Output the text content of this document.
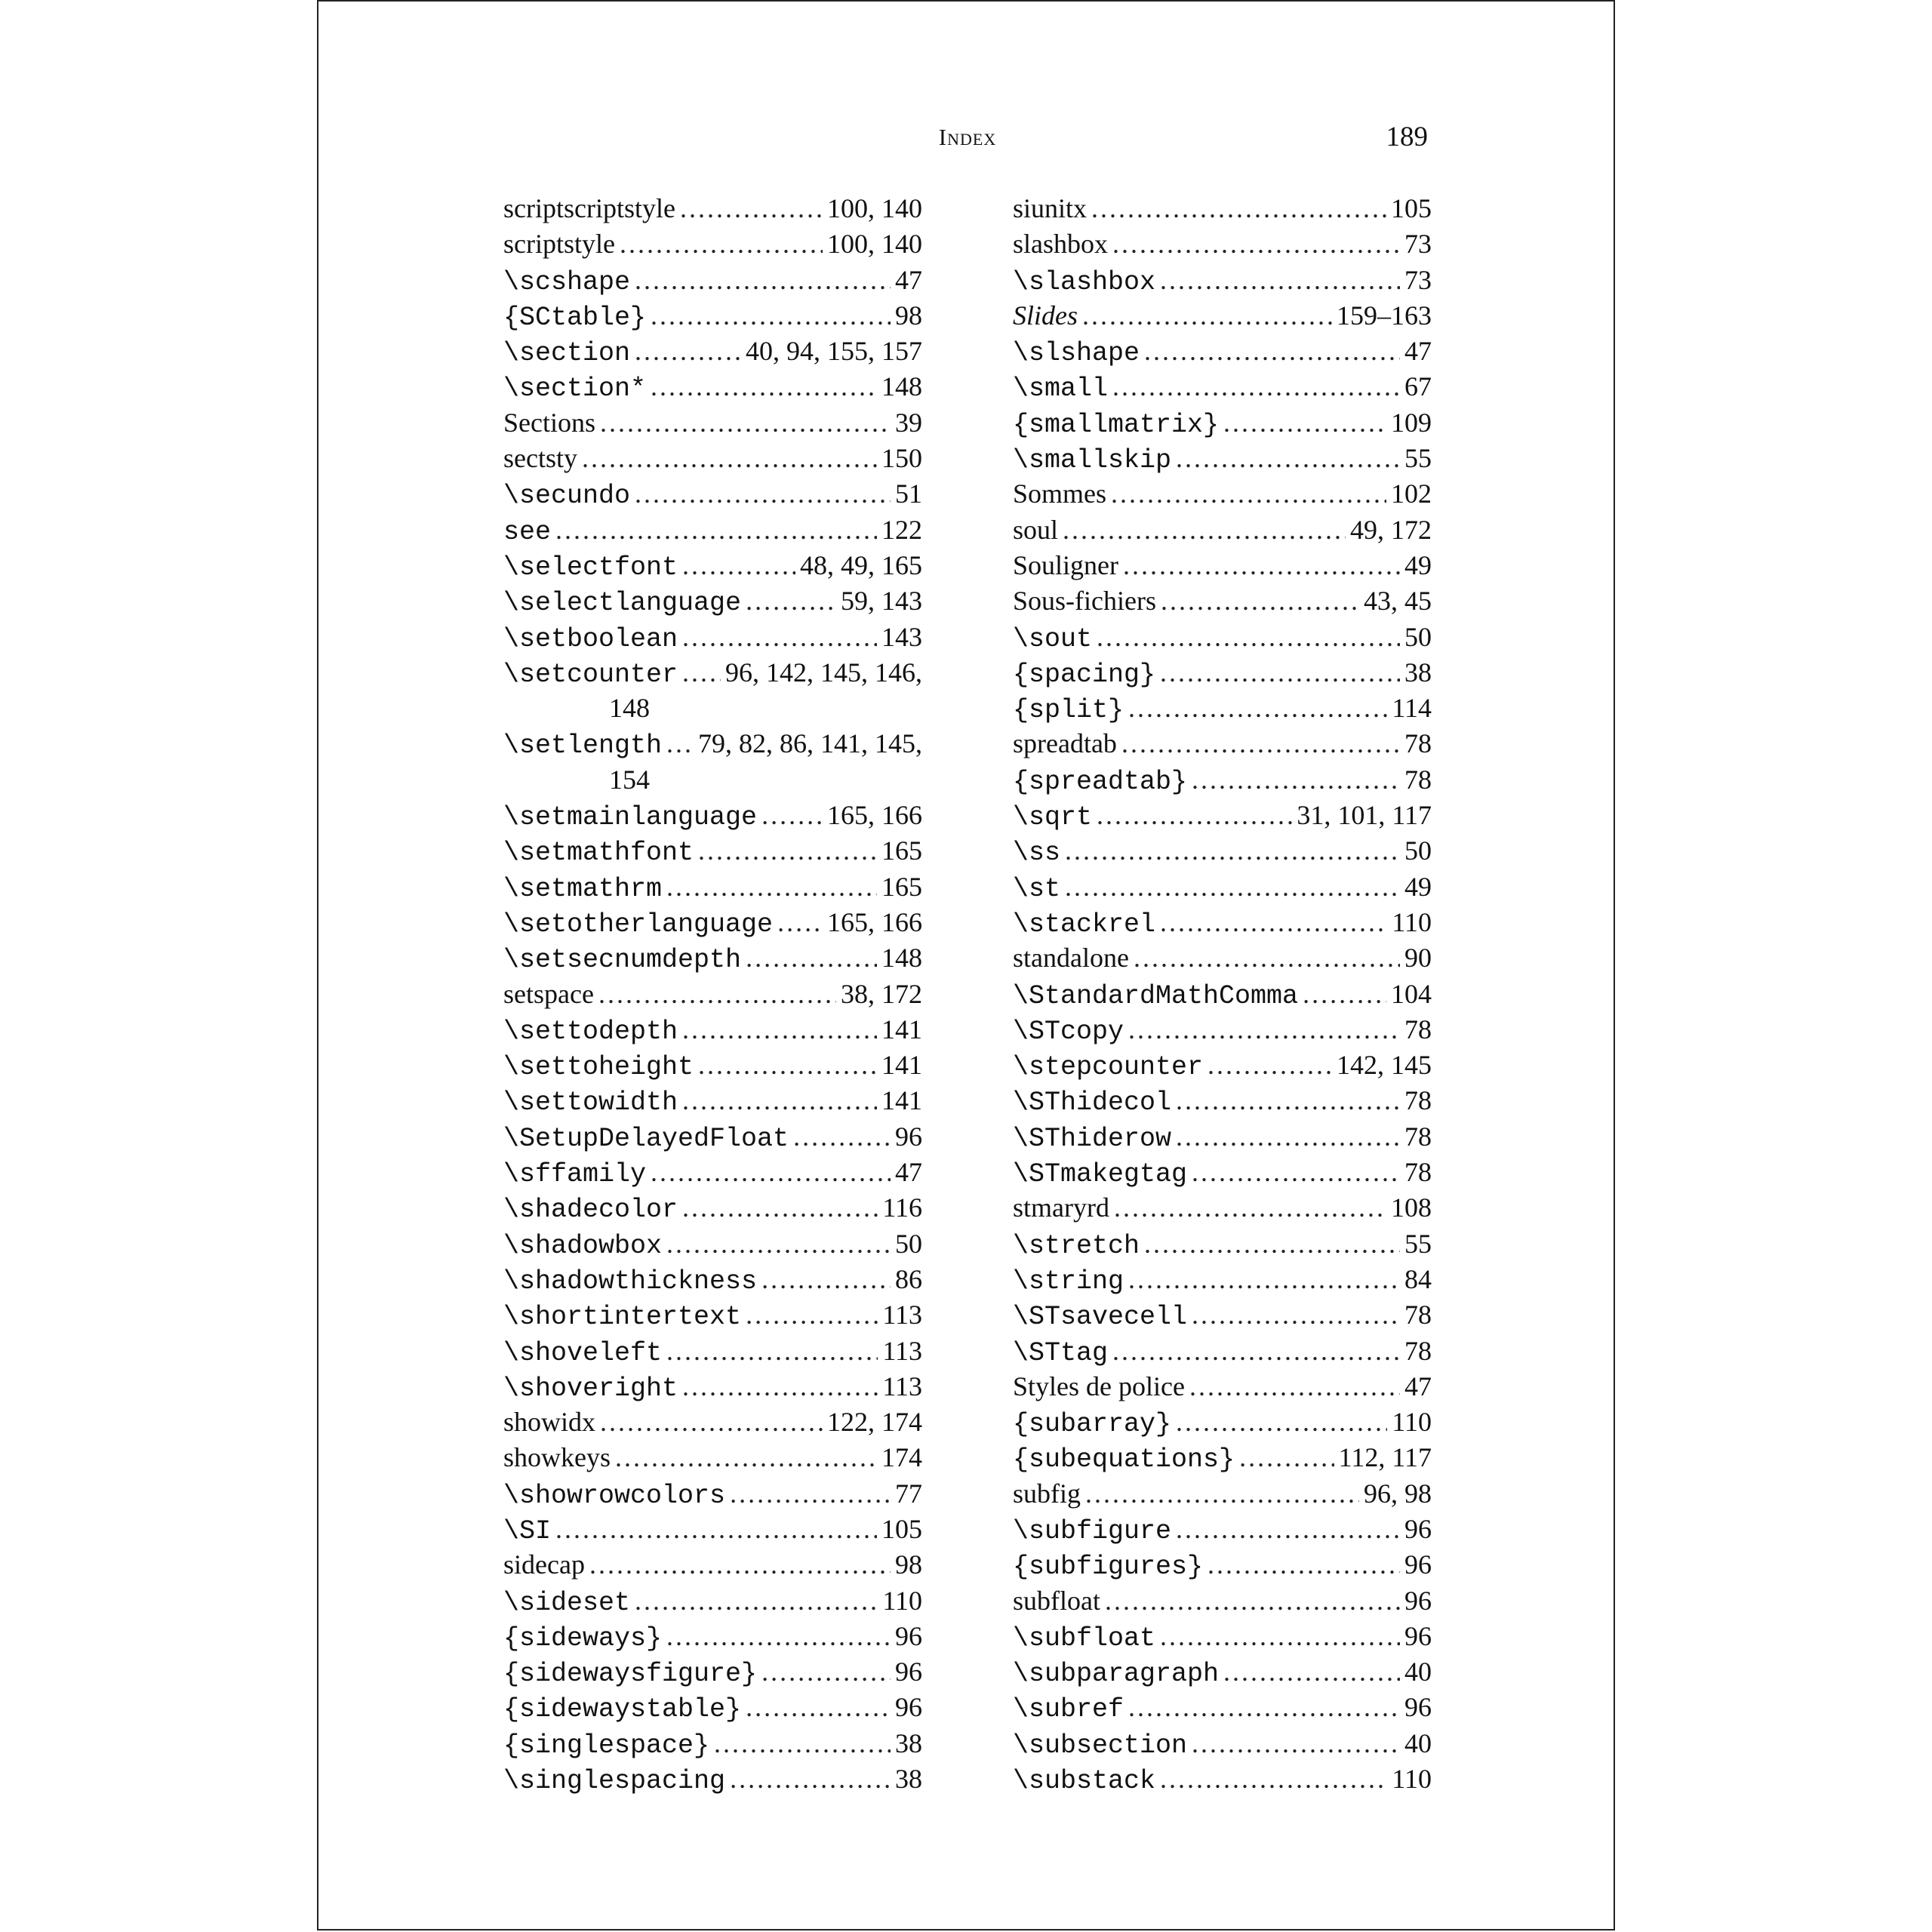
Index	189
scriptscriptstyle .....	100, 140
scriptstyle .....	100, 140
\scshape .....	47
{SCtable} .....	98
\section .....	40, 94, 155, 157
\section* .....	148
Sections .....	39
sectsty .....	150
\secundo .....	51
see .....	122
\selectfont .....	48, 49, 165
\selectlanguage .....	59, 143
\setboolean .....	143
\setcounter ..... 96, 142, 145, 146,
148
\setlength ..... 79, 82, 86, 141, 145,
154
\setmainlanguage .....	165, 166
\setmathfont .....	165
\setmathrm .....	165
\setotherlanguage ..... 165, 166
\setsecnumdepth .....	148
setspace .....	38, 172
\settodepth .....	141
\settoheight .....	141
\settowidth .....	141
\SetupDelayedFloat .....	96
\sffamily .....	47
\shadecolor .....	116
\shadowbox .....	50
\shadowthickness .....	86
\shortintertext .....	113
\shoveleft .....	113
\shoveright .....	113
showidx .....	122, 174
showkeys .....	174
\showrowcolors .....	77
\SI .....	105
sidecap .....	98
\sideset .....	110
{sideways} .....	96
{sidewaysfigure} .....	96
{sidewaystable} .....	96
{singlespace} .....	38
\singlespacing .....	38
siunitx .....	105
slashbox .....	73
\slashbox .....	73
Slides .....	159–163
\slshape .....	47
\small .....	67
{smallmatrix} .....	109
\smallskip .....	55
Sommes .....	102
soul .....	49, 172
Souligner .....	49
Sous-fichiers .....	43, 45
\sout .....	50
{spacing} .....	38
{split} .....	114
spreadtab .....	78
{spreadtab} .....	78
\sqrt .....	31, 101, 117
\ss .....	50
\st .....	49
\stackrel .....	110
standalone .....	90
\StandardMathComma .....	104
\STcopy .....	78
\stepcounter .....	142, 145
\SThidecol .....	78
\SThiderow .....	78
\STmakegtag .....	78
stmaryrd .....	108
\stretch .....	55
\string .....	84
\STsavecell .....	78
\STtag .....	78
Styles de police .....	47
{subarray} .....	110
{subequations} .....	112, 117
subfig .....	96, 98
\subfigure .....	96
{subfigures} .....	96
subfloat .....	96
\subfloat .....	96
\subparagraph .....	40
\subref .....	96
\subsection .....	40
\substack .....	110
